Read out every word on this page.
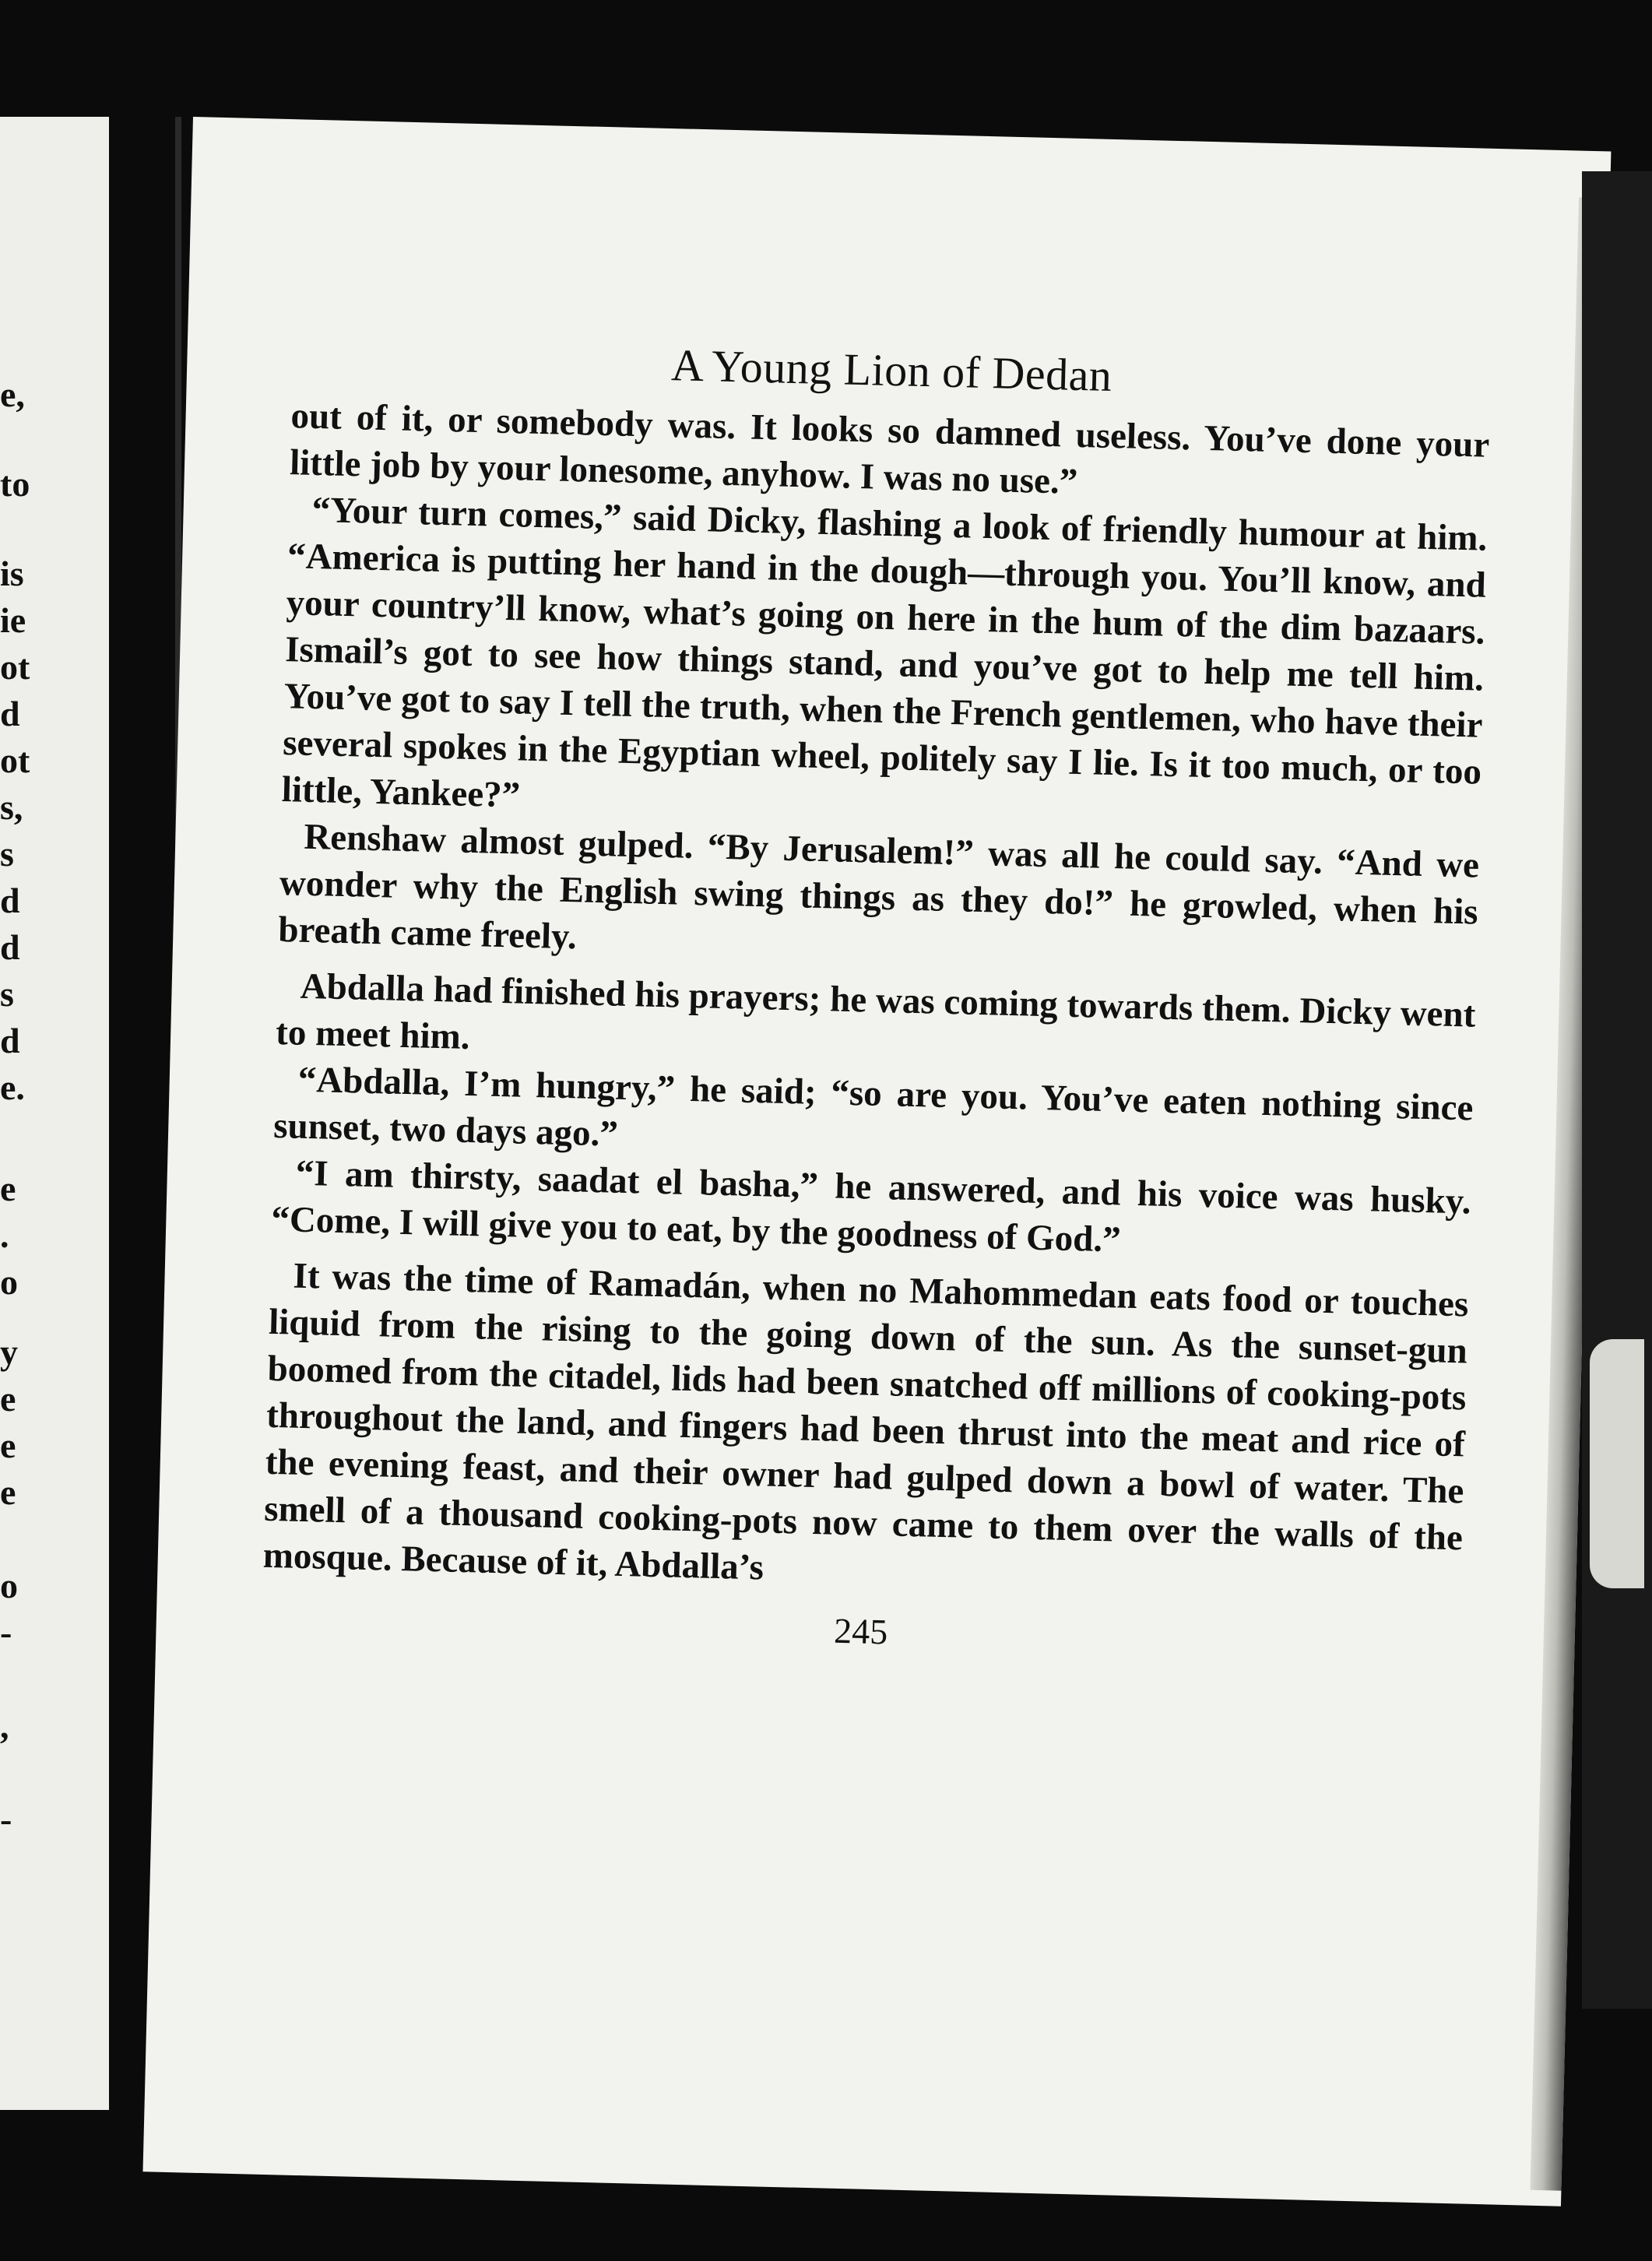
e,
to
is
ie
ot
d
ot
s,
s
d
d
s
d
e.
e
.
o
y
e
e
e
o
-
,
-
A Young Lion of Dedan

out of it, or somebody was. It looks so damned useless. You’ve done your little job by your lonesome, anyhow. I was no use.”

“Your turn comes,” said Dicky, flashing a look of friendly humour at him. “America is putting her hand in the dough—through you. You’ll know, and your country’ll know, what’s going on here in the hum of the dim bazaars. Ismail’s got to see how things stand, and you’ve got to help me tell him. You’ve got to say I tell the truth, when the French gentlemen, who have their several spokes in the Egyptian wheel, politely say I lie. Is it too much, or too little, Yankee?”

Renshaw almost gulped. “By Jerusalem!” was all he could say. “And we wonder why the English swing things as they do!” he growled, when his breath came freely.

Abdalla had finished his prayers; he was coming towards them. Dicky went to meet him.

“Abdalla, I’m hungry,” he said; “so are you. You’ve eaten nothing since sunset, two days ago.”

“I am thirsty, saadat el basha,” he answered, and his voice was husky. “Come, I will give you to eat, by the goodness of God.”

It was the time of Ramadán, when no Mahommedan eats food or touches liquid from the rising to the going down of the sun. As the sunset-gun boomed from the citadel, lids had been snatched off millions of cooking-pots throughout the land, and fingers had been thrust into the meat and rice of the evening feast, and their owner had gulped down a bowl of water. The smell of a thousand cooking-pots now came to them over the walls of the mosque. Because of it, Abdalla’s

245
